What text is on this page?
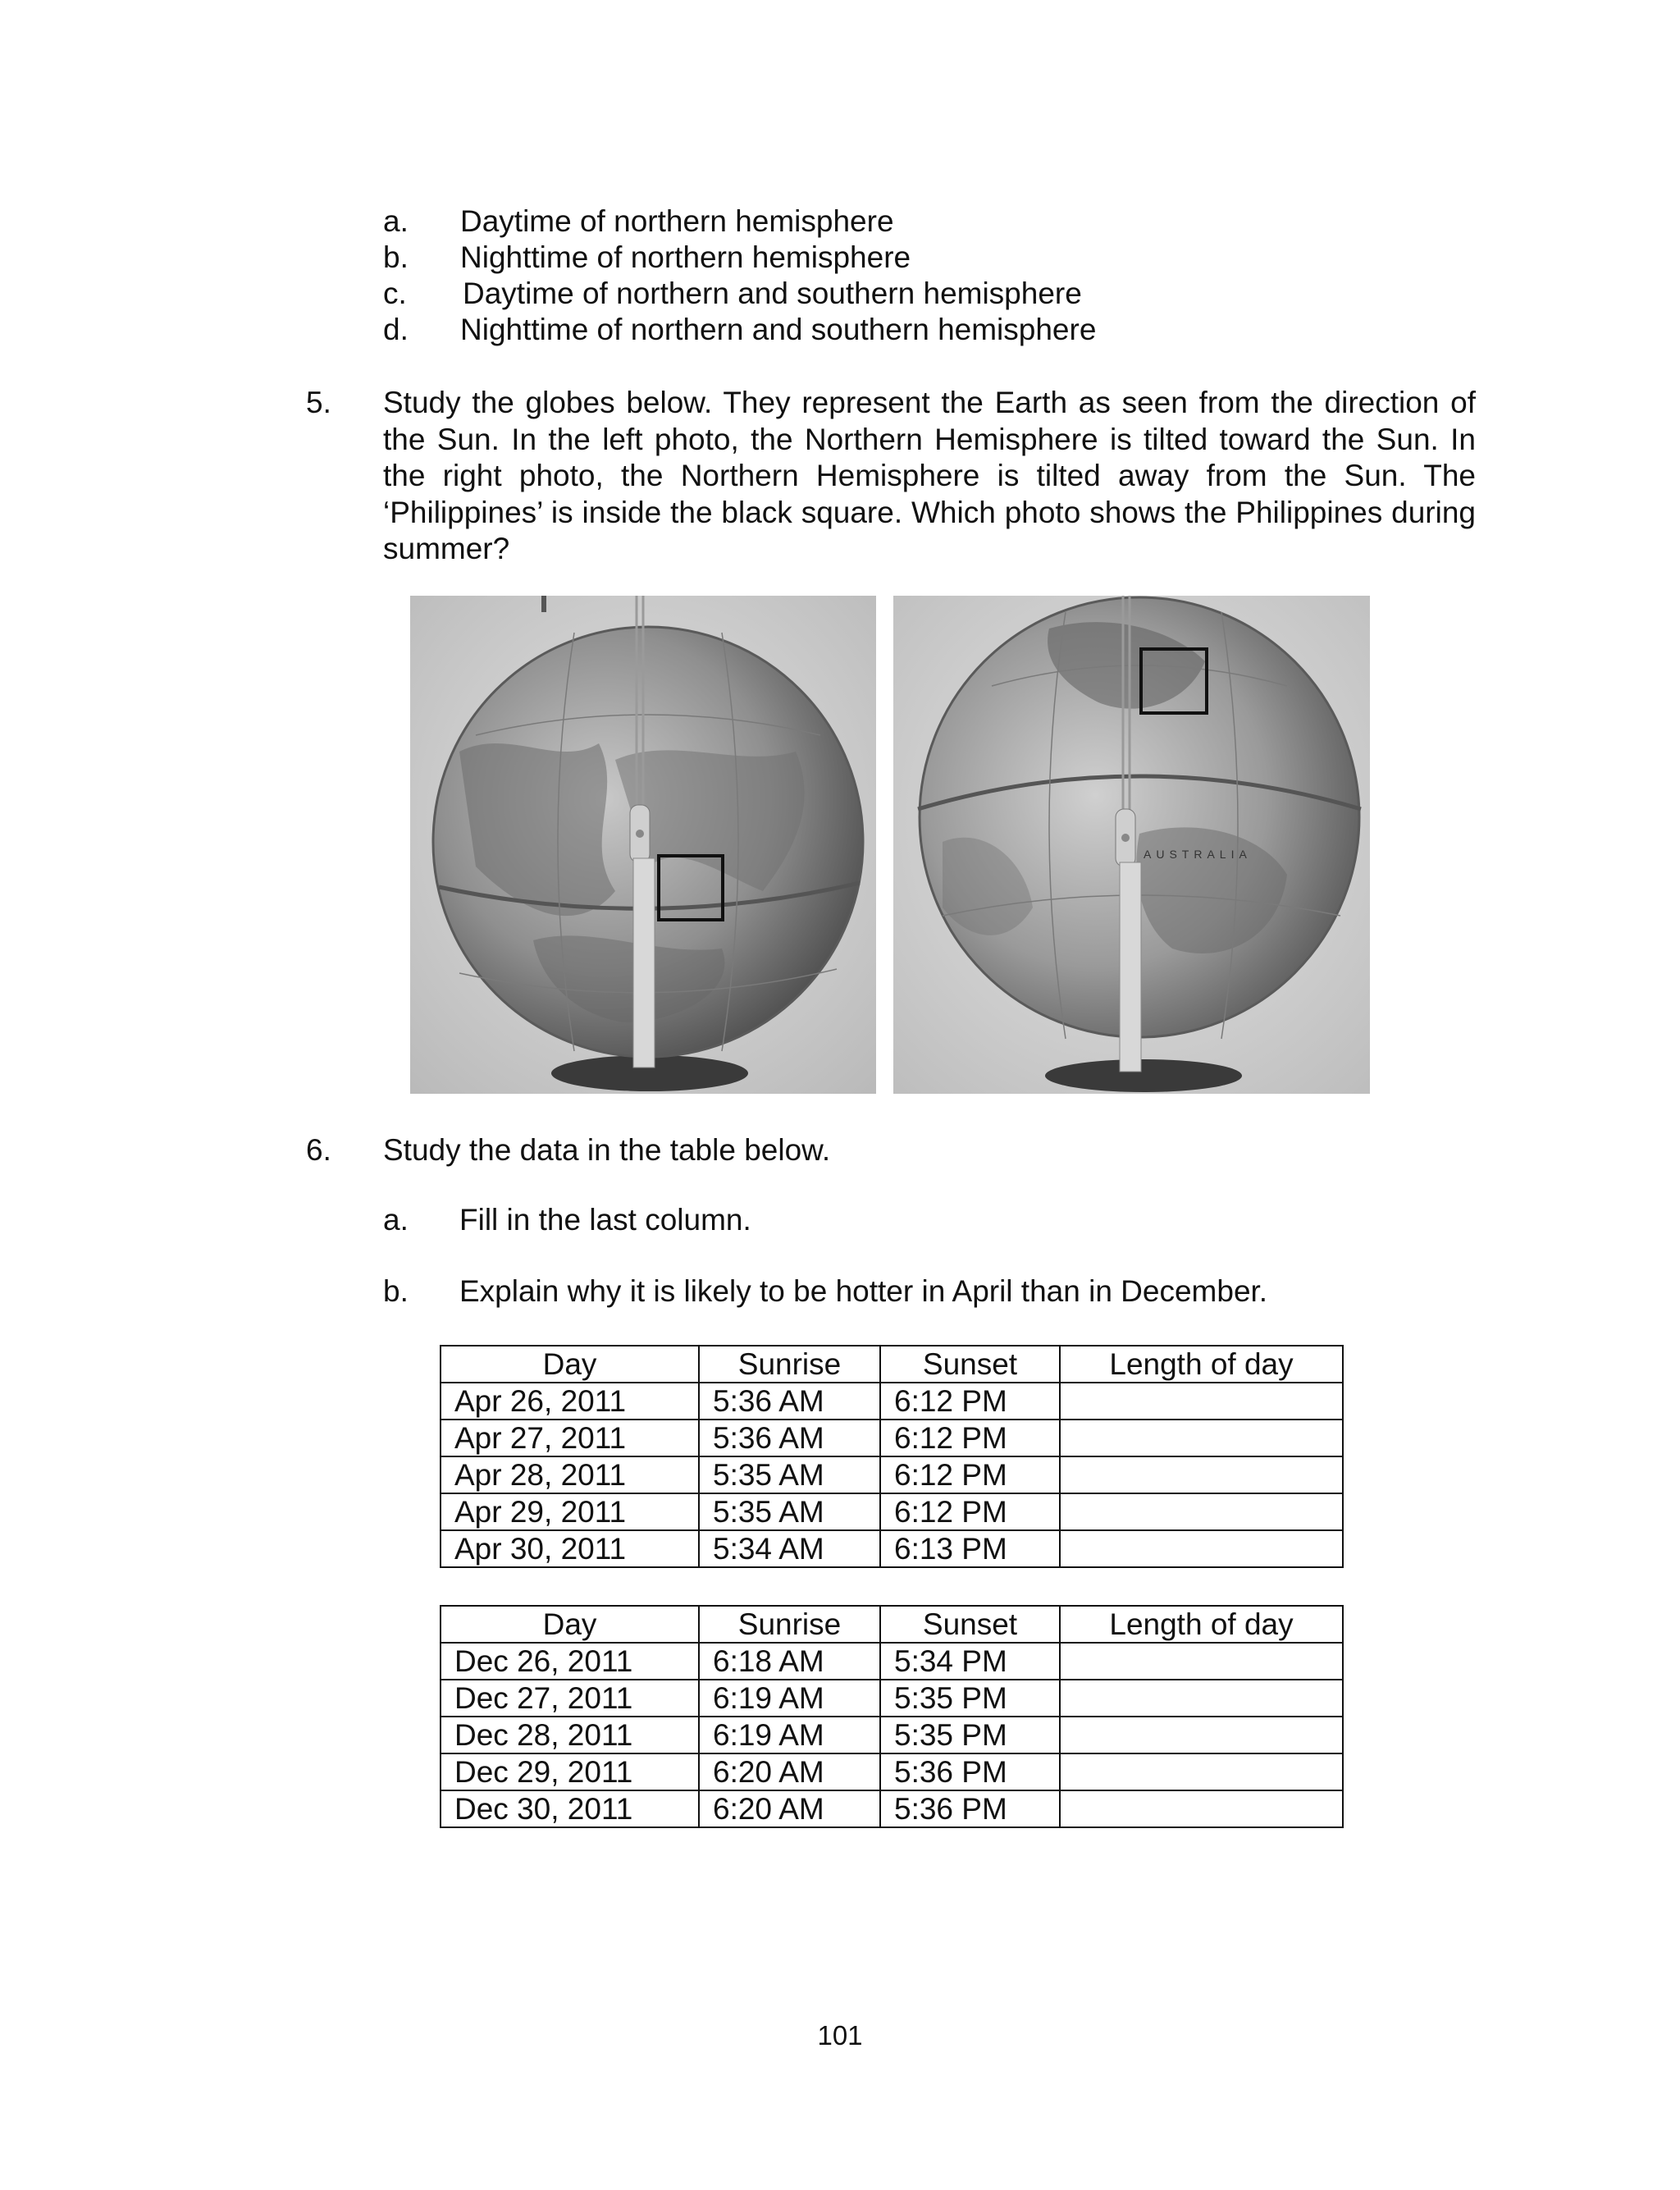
a. Daytime of northern hemisphere
b. Nighttime of northern hemisphere
c. Daytime of northern and southern hemisphere
d. Nighttime of northern and southern hemisphere
5. Study the globes below. They represent the Earth as seen from the direction of the Sun. In the left photo, the Northern Hemisphere is tilted toward the Sun. In the right photo, the Northern Hemisphere is tilted away from the Sun. The ‘Philippines’ is inside the black square. Which photo shows the Philippines during summer?
AUSTRALIA
6. Study the data in the table below.
a. Fill in the last column.
b. Explain why it is likely to be hotter in April than in December.
Day	Sunrise	Sunset	Length of day
Apr 26, 2011	5:36 AM	6:12 PM	
Apr 27, 2011	5:36 AM	6:12 PM	
Apr 28, 2011	5:35 AM	6:12 PM	
Apr 29, 2011	5:35 AM	6:12 PM	
Apr 30, 2011	5:34 AM	6:13 PM	
Day	Sunrise	Sunset	Length of day
Dec 26, 2011	6:18 AM	5:34 PM	
Dec 27, 2011	6:19 AM	5:35 PM	
Dec 28, 2011	6:19 AM	5:35 PM	
Dec 29, 2011	6:20 AM	5:36 PM	
Dec 30, 2011	6:20 AM	5:36 PM	
101
